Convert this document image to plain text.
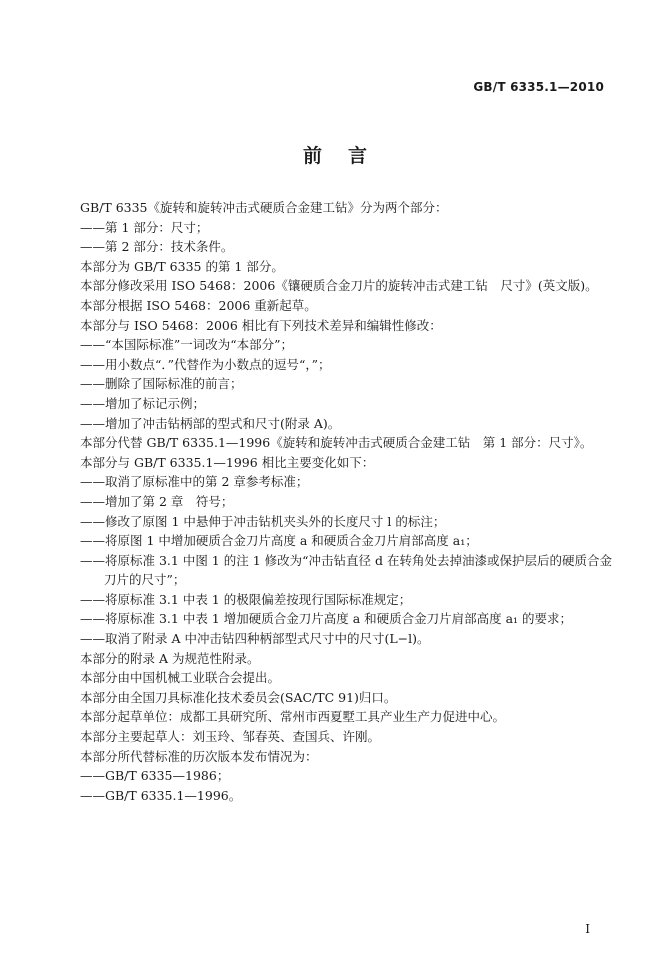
GB/T 6335.1—2010
前言
GB/T 6335《旋转和旋转冲击式硬质合金建工钻》分为两个部分：
——第 1 部分：尺寸；
——第 2 部分：技术条件。
本部分为 GB/T 6335 的第 1 部分。
本部分修改采用 ISO 5468：2006《镶硬质合金刀片的旋转冲击式建工钻　尺寸》(英文版)。
本部分根据 ISO 5468：2006 重新起草。
本部分与 ISO 5468：2006 相比有下列技术差异和编辑性修改：
——“本国际标准”一词改为“本部分”；
——用小数点“．”代替作为小数点的逗号“，”；
——删除了国际标准的前言；
——增加了标记示例；
——增加了冲击钻柄部的型式和尺寸(附录 A)。
本部分代替 GB/T 6335.1—1996《旋转和旋转冲击式硬质合金建工钻　第 1 部分：尺寸》。
本部分与 GB/T 6335.1—1996 相比主要变化如下：
——取消了原标准中的第 2 章参考标准；
——增加了第 2 章　符号；
——修改了原图 1 中悬伸于冲击钻机夹头外的长度尺寸 l 的标注；
——将原图 1 中增加硬质合金刀片高度 a 和硬质合金刀片肩部高度 a₁；
——将原标准 3.1 中图 1 的注 1 修改为“冲击钻直径 d 在转角处去掉油漆或保护层后的硬质合金
刀片的尺寸”；
——将原标准 3.1 中表 1 的极限偏差按现行国际标准规定；
——将原标准 3.1 中表 1 增加硬质合金刀片高度 a 和硬质合金刀片肩部高度 a₁ 的要求；
——取消了附录 A 中冲击钻四种柄部型式尺寸中的尺寸(L−l)。
本部分的附录 A 为规范性附录。
本部分由中国机械工业联合会提出。
本部分由全国刀具标准化技术委员会(SAC/TC 91)归口。
本部分起草单位：成都工具研究所、常州市西夏墅工具产业生产力促进中心。
本部分主要起草人：刘玉玲、邹春英、查国兵、许刚。
本部分所代替标准的历次版本发布情况为：
——GB/T 6335—1986；
——GB/T 6335.1—1996。
I
